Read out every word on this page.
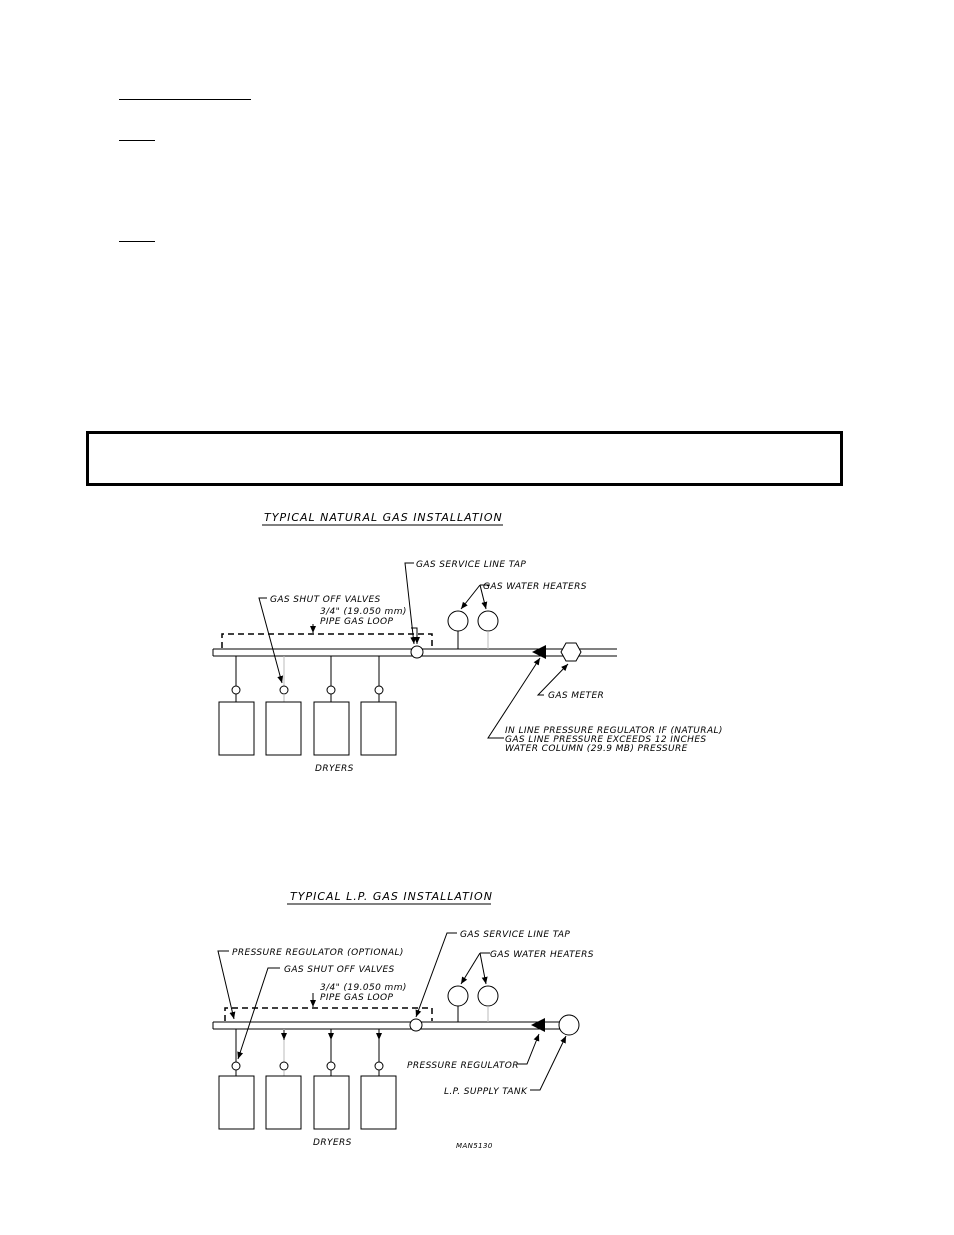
TYPICAL NATURAL GAS INSTALLATION
DRYERS
GAS SERVICE LINE TAP
GAS WATER HEATERS
GAS SHUT OFF VALVES
3/4" (19.050 mm)
PIPE GAS LOOP
GAS METER
IN LINE PRESSURE REGULATOR IF (NATURAL)
GAS LINE PRESSURE EXCEEDS 12 INCHES
WATER COLUMN (29.9 MB) PRESSURE
TYPICAL L.P. GAS INSTALLATION
DRYERS
GAS SERVICE LINE TAP
PRESSURE REGULATOR (OPTIONAL)	GAS WATER HEATERS
GAS SHUT OFF VALVES
3/4" (19.050 mm)
PIPE GAS LOOP
PRESSURE REGULATOR
L.P. SUPPLY TANK
MAN5130
